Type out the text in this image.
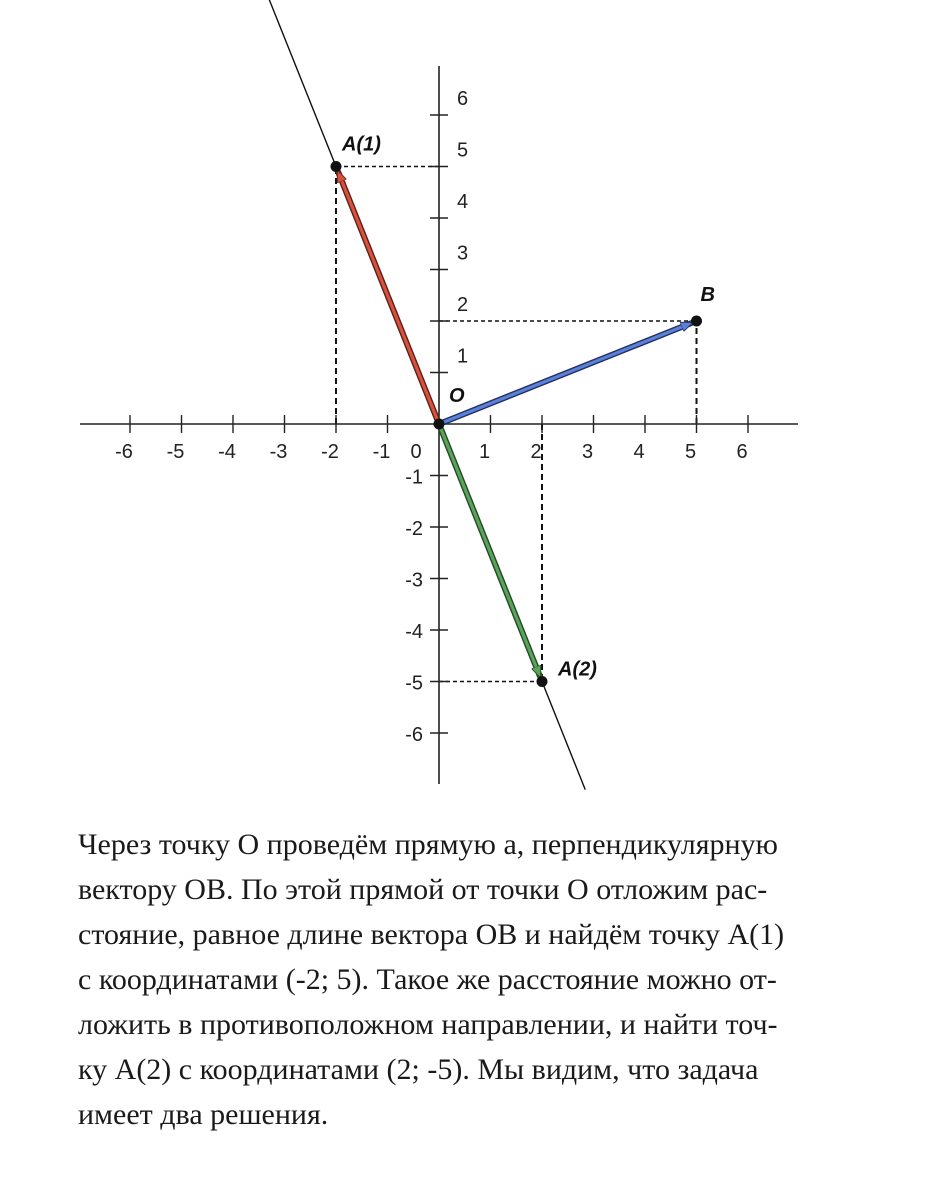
-6 -5 -4 -3 -2 -1	1 2 3 4 5 6
0
-6
-5
-4
-3
-2
-1
1
2
3
4
5
6
O
B
A(1)
A(2)
Через точку О проведём прямую a, перпендикулярную
вектору ОВ. По этой прямой от точки О отложим рас-
стояние, равное длине вектора ОВ и найдём точку А(1)
с координатами (-2; 5). Такое же расстояние можно от-
ложить в противоположном направлении, и найти точ-
ку А(2) с координатами (2; -5). Мы видим, что задача
имеет два решения.
